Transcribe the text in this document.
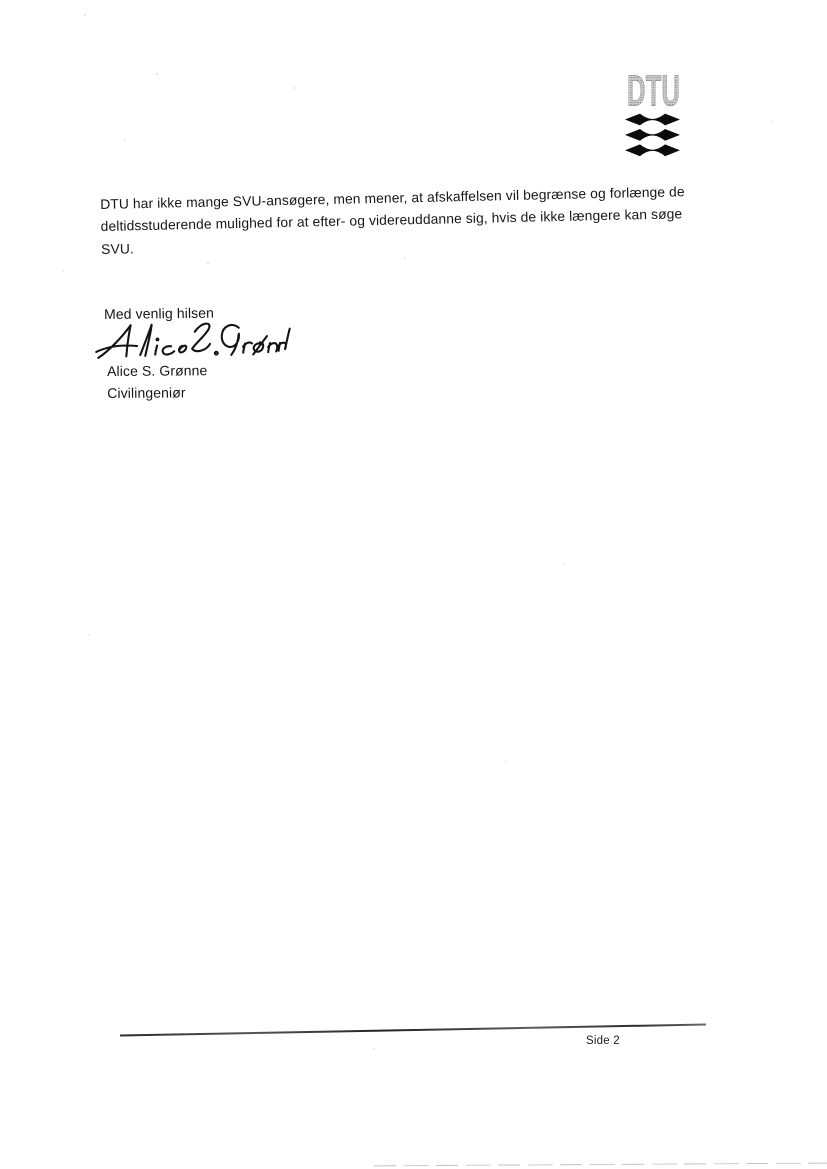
DTU
DTU har ikke mange SVU-ansøgere, men mener, at afskaffelsen vil begrænse og forlænge de
deltidsstuderende mulighed for at efter- og videreuddanne sig, hvis de ikke længere kan søge
SVU.
Med venlig hilsen
Alice S. Grønne
Civilingeniør
Side 2
